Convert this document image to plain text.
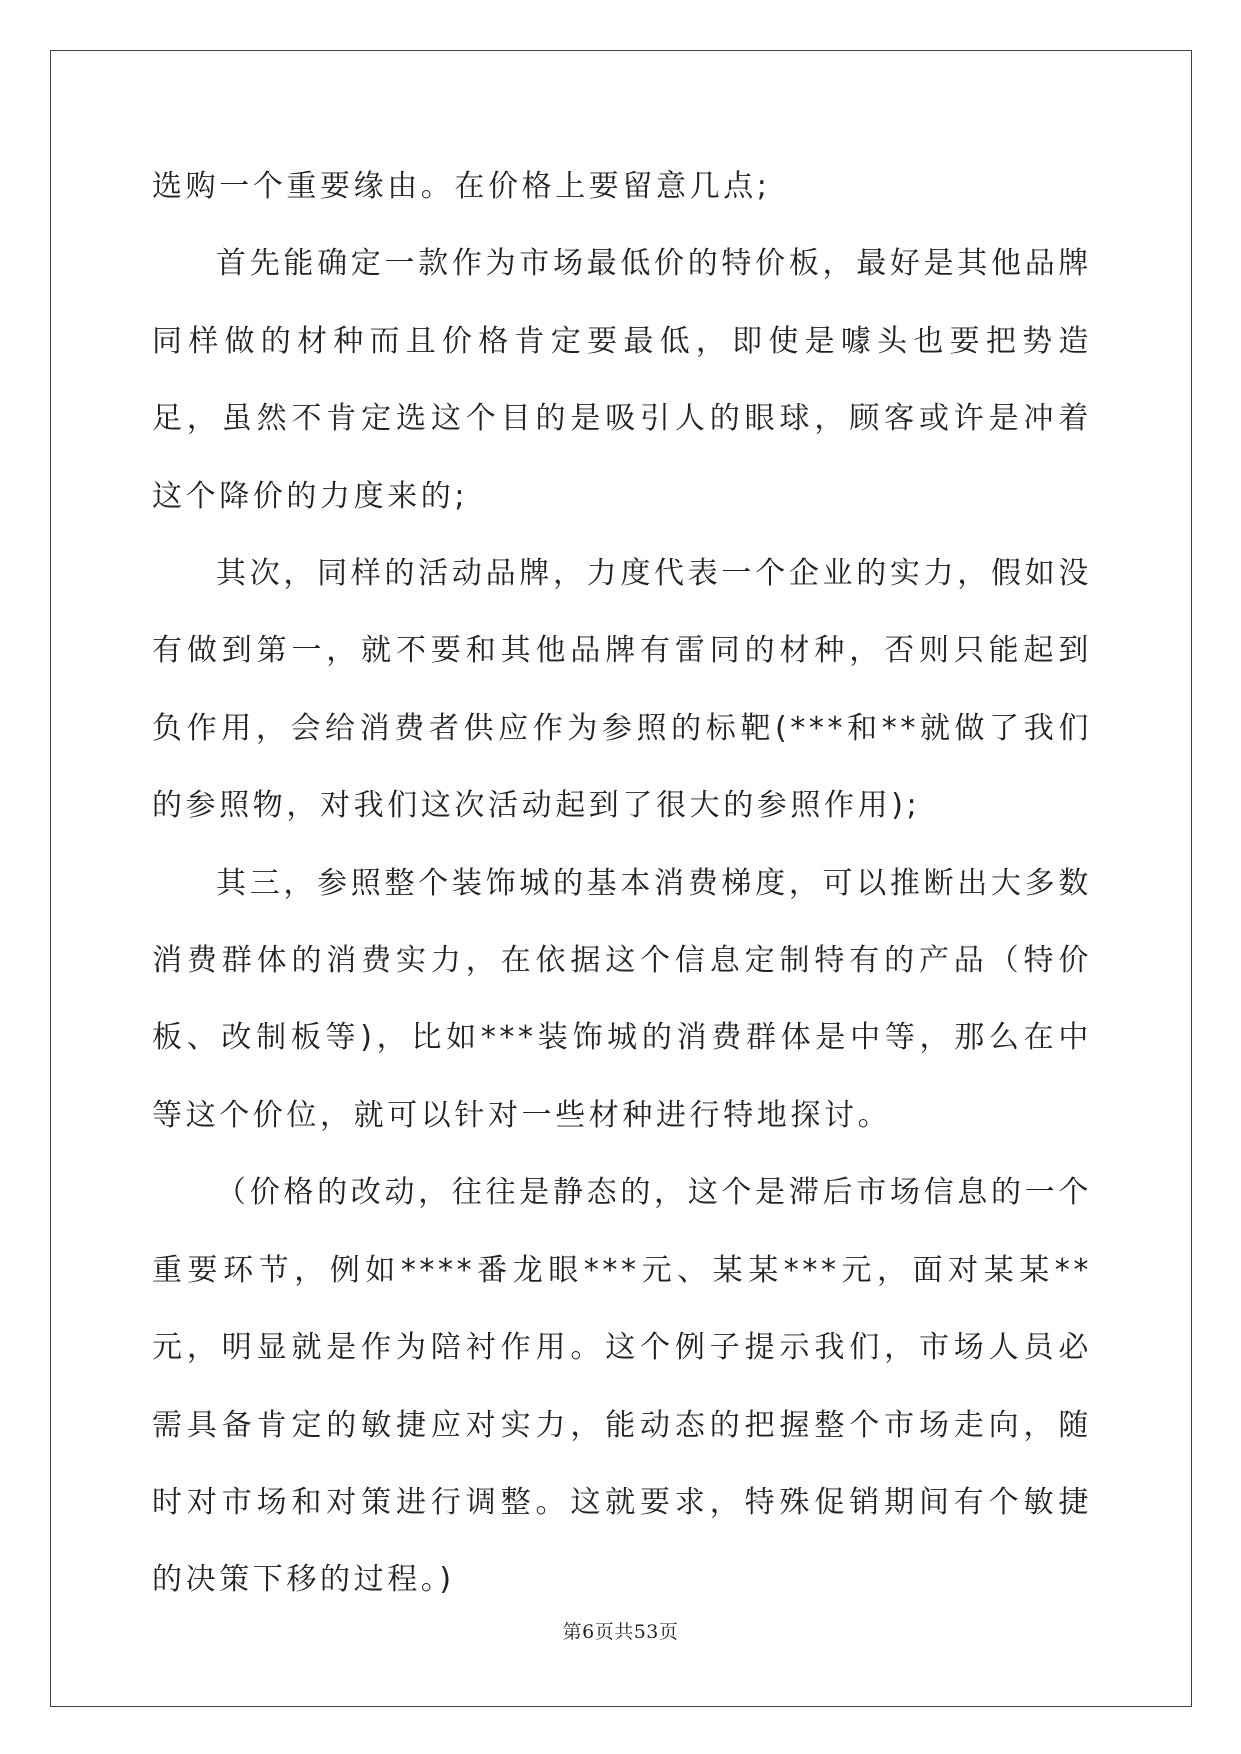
选购一个重要缘由。在价格上要留意几点;

首先能确定一款作为市场最低价的特价板，最好是其他品牌同样做的材种而且价格肯定要最低，即使是噱头也要把势造足，虽然不肯定选这个目的是吸引人的眼球，顾客或许是冲着这个降价的力度来的;

其次，同样的活动品牌，力度代表一个企业的实力，假如没有做到第一，就不要和其他品牌有雷同的材种，否则只能起到负作用，会给消费者供应作为参照的标靶(***和**就做了我们的参照物，对我们这次活动起到了很大的参照作用);

其三，参照整个装饰城的基本消费梯度，可以推断出大多数消费群体的消费实力，在依据这个信息定制特有的产品（特价板、改制板等)，比如***装饰城的消费群体是中等，那么在中等这个价位，就可以针对一些材种进行特地探讨。

（价格的改动，往往是静态的，这个是滞后市场信息的一个重要环节，例如****番龙眼***元、某某***元，面对某某**元，明显就是作为陪衬作用。这个例子提示我们，市场人员必需具备肯定的敏捷应对实力，能动态的把握整个市场走向，随时对市场和对策进行调整。这就要求，特殊促销期间有个敏捷的决策下移的过程。)

第6页共53页
